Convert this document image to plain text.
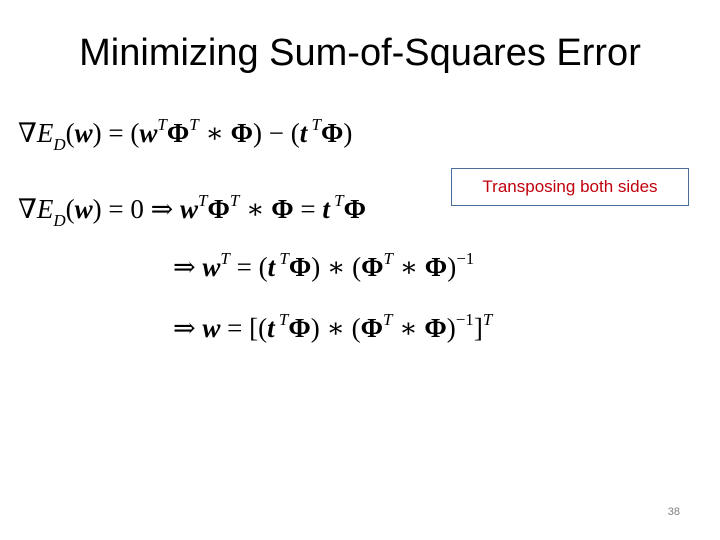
Minimizing Sum-of-Squares Error
$\nabla E_D(w) = (w^T\Phi^T$ ∗ Φ) − (t $^T$Φ)
Transposing both sides
$\nabla E_D(w) = 0$ ⇒ $w^T\Phi^T$ ∗ Φ = t $^T$Φ
⇒ $w^T = (t$ $^T$Φ) ∗ ($\Phi^T$ ∗ Φ)$^{-1}$
⇒ w = [(t $^T$Φ) ∗ ($\Phi^T$ ∗ Φ)$^{-1}$]$^T$
38
